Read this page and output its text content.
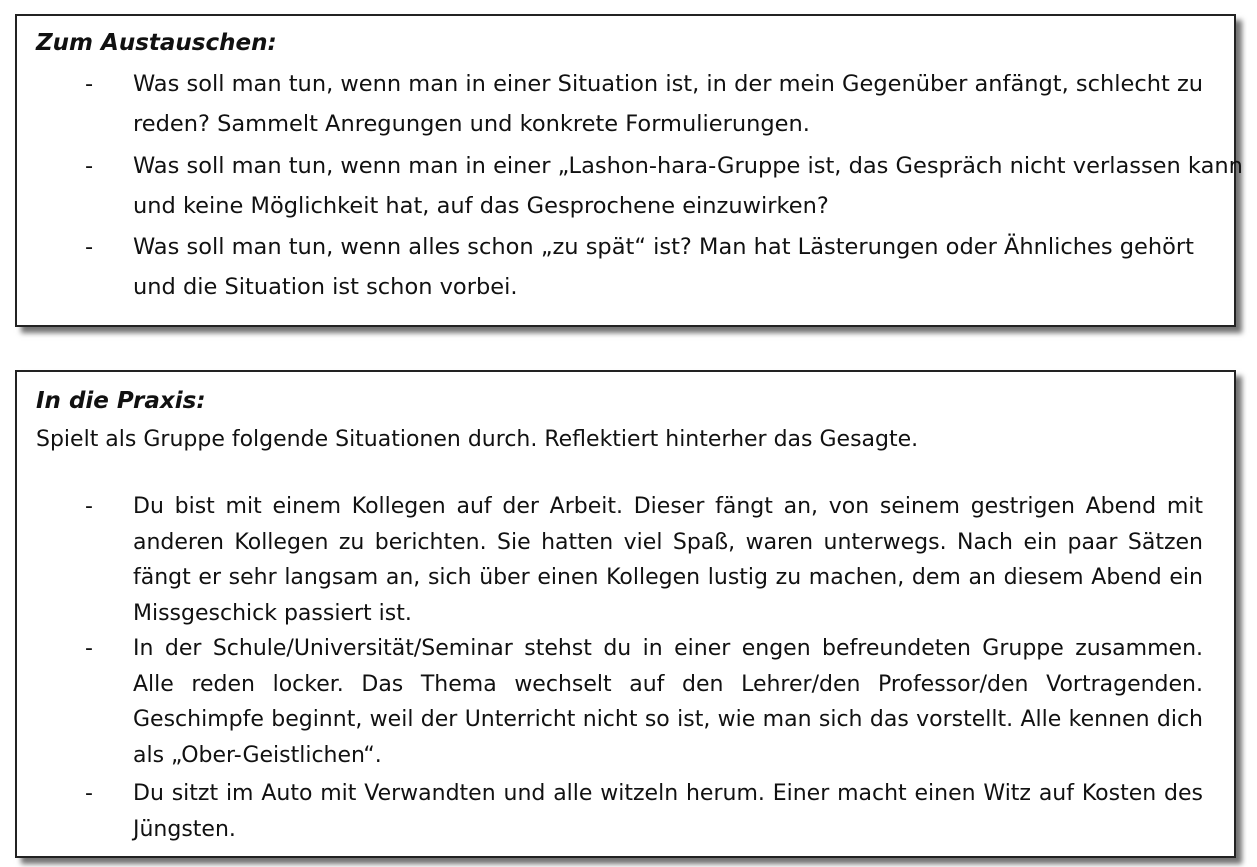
Zum Austauschen:
- Was soll man tun, wenn man in einer Situation ist, in der mein Gegenüber anfängt, schlecht zu reden? Sammelt Anregungen und konkrete Formulierungen.
- Was soll man tun, wenn man in einer „Lashon-hara-Gruppe ist, das Gespräch nicht verlassen kann und keine Möglichkeit hat, auf das Gesprochene einzuwirken?
- Was soll man tun, wenn alles schon „zu spät“ ist? Man hat Lästerungen oder Ähnliches gehört und die Situation ist schon vorbei.
In die Praxis:
Spielt als Gruppe folgende Situationen durch. Reflektiert hinterher das Gesagte.
- Du bist mit einem Kollegen auf der Arbeit. Dieser fängt an, von seinem gestrigen Abend mit anderen Kollegen zu berichten. Sie hatten viel Spaß, waren unterwegs. Nach ein paar Sätzen fängt er sehr langsam an, sich über einen Kollegen lustig zu machen, dem an diesem Abend ein Missgeschick passiert ist.
- In der Schule/Universität/Seminar stehst du in einer engen befreundeten Gruppe zusammen. Alle reden locker. Das Thema wechselt auf den Lehrer/den Professor/den Vortragenden. Geschimpfe beginnt, weil der Unterricht nicht so ist, wie man sich das vorstellt. Alle kennen dich als „Ober-Geistlichen“.
- Du sitzt im Auto mit Verwandten und alle witzeln herum. Einer macht einen Witz auf Kosten des Jüngsten.
